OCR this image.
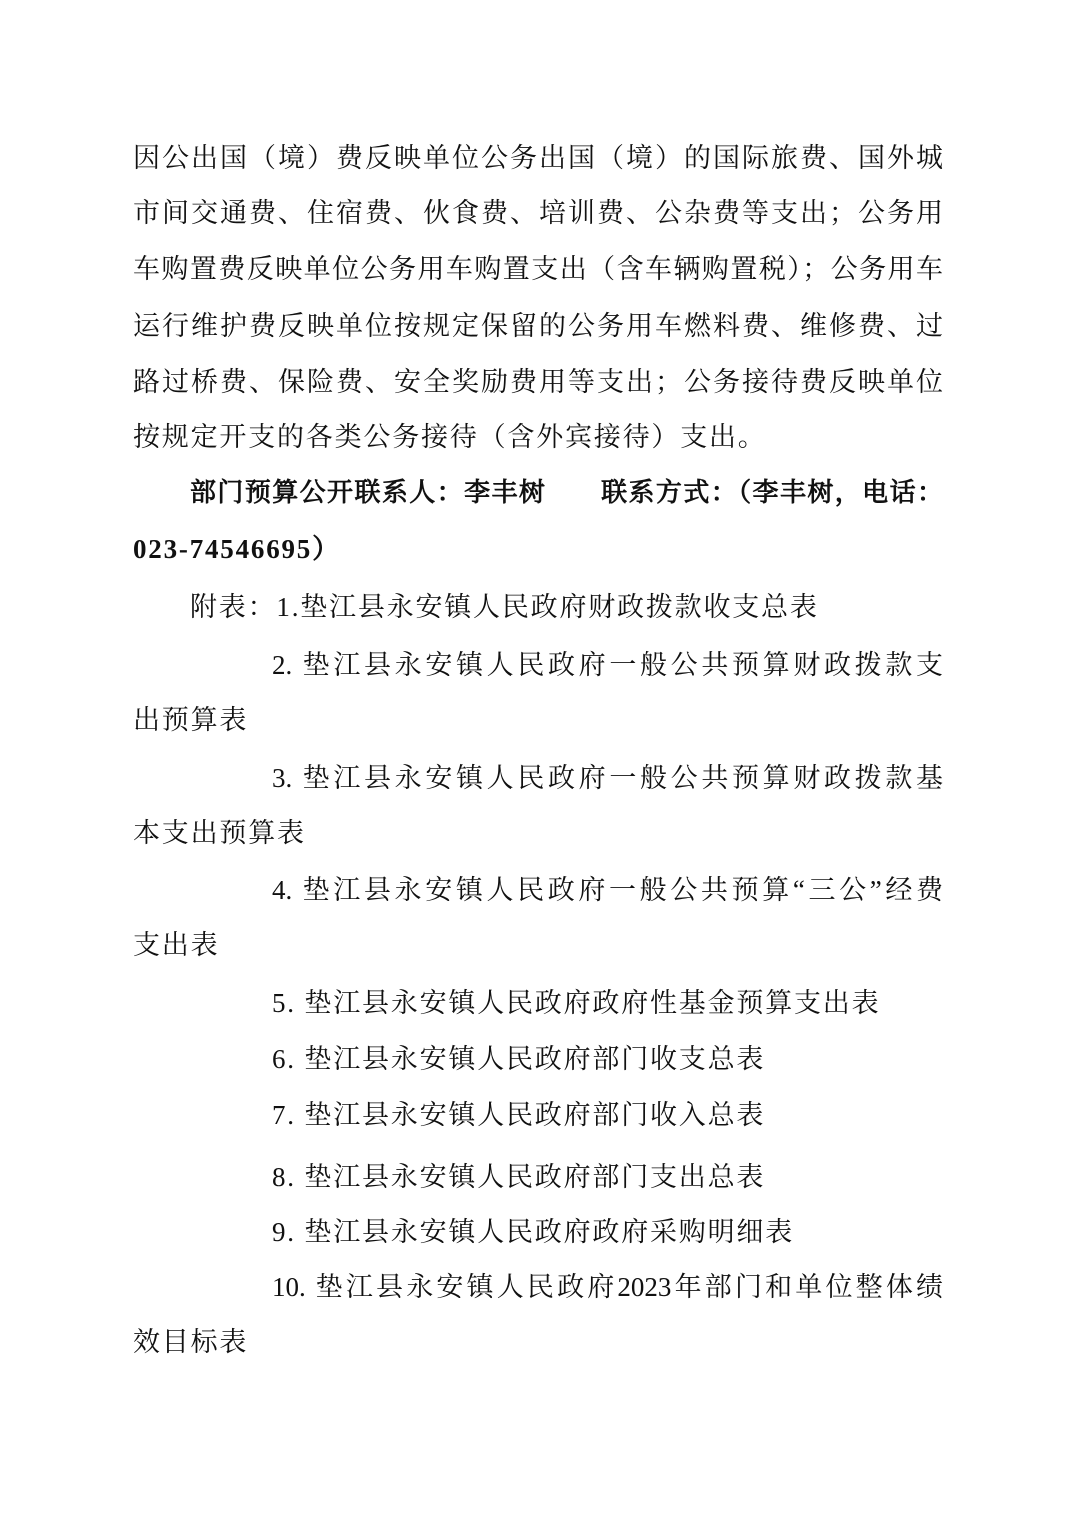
因公出国（境）费反映单位公务出国（境）的国际旅费、国外城
市间交通费、住宿费、伙食费、培训费、公杂费等支出；公务用
车购置费反映单位公务用车购置支出（含车辆购置税）；公务用车
运行维护费反映单位按规定保留的公务用车燃料费、维修费、过
路过桥费、保险费、安全奖励费用等支出；公务接待费反映单位
按规定开支的各类公务接待（含外宾接待）支出。
部门预算公开联系人：李丰树　　联系方式：（李丰树，电话：
023-74546695）
附表：1.垫江县永安镇人民政府财政拨款收支总表
2. 垫江县永安镇人民政府一般公共预算财政拨款支
出预算表
3. 垫江县永安镇人民政府一般公共预算财政拨款基
本支出预算表
4. 垫江县永安镇人民政府一般公共预算“三公”经费
支出表
5. 垫江县永安镇人民政府政府性基金预算支出表
6. 垫江县永安镇人民政府部门收支总表
7. 垫江县永安镇人民政府部门收入总表
8. 垫江县永安镇人民政府部门支出总表
9. 垫江县永安镇人民政府政府采购明细表
10. 垫江县永安镇人民政府2023年部门和单位整体绩
效目标表
